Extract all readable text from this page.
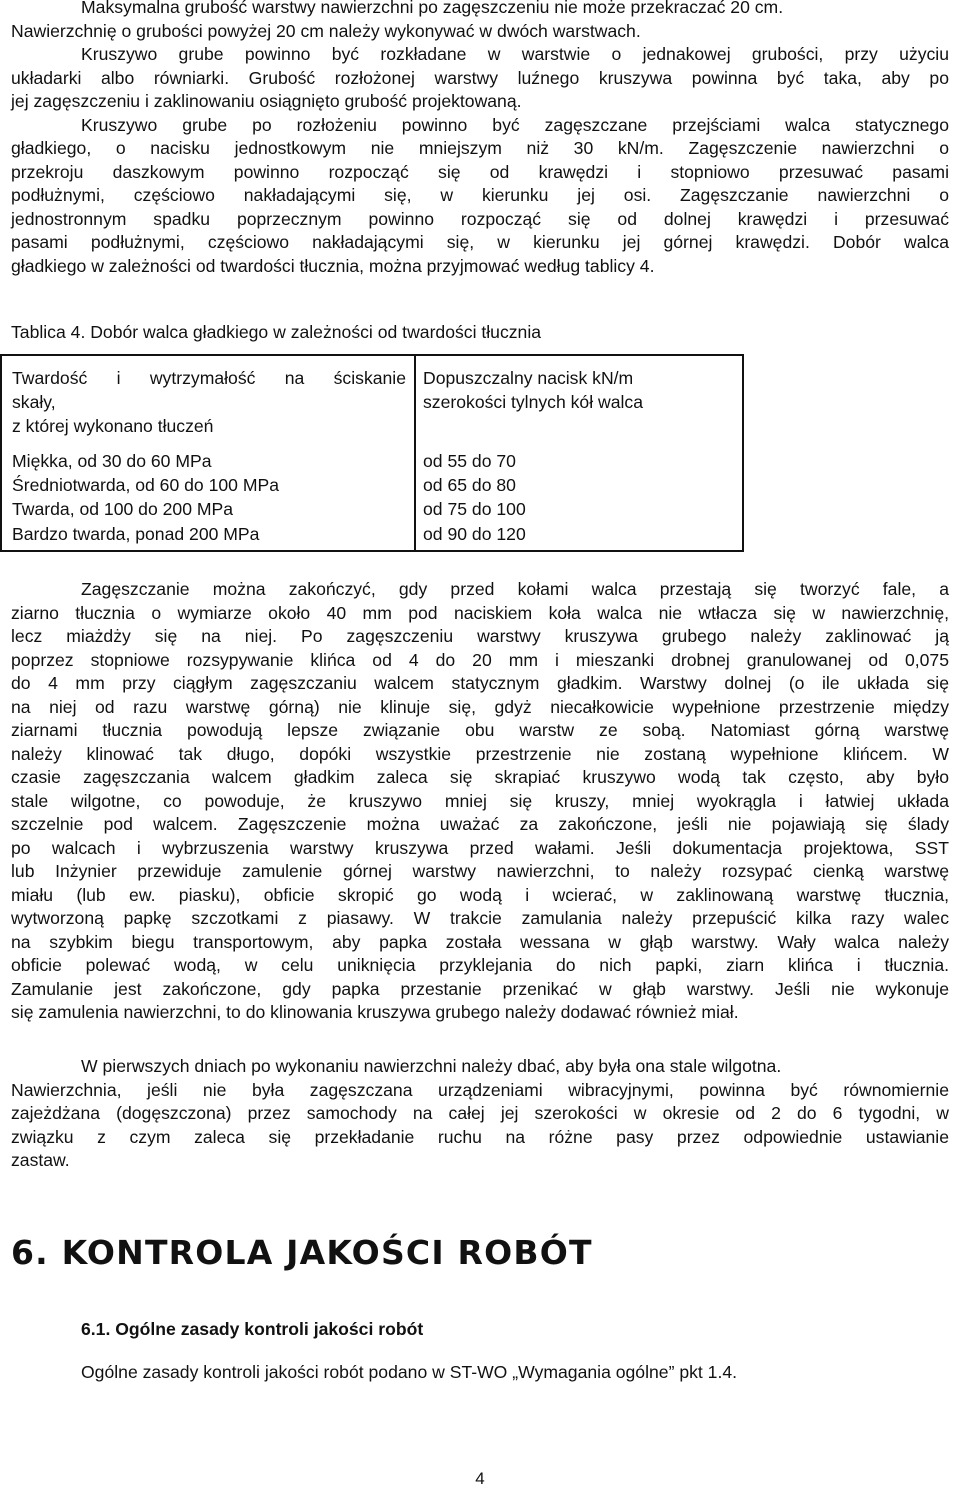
Maksymalna grubość warstwy nawierzchni po zagęszczeniu nie może przekraczać 20 cm.
Nawierzchnię o grubości powyżej 20 cm należy wykonywać w dwóch warstwach.
Kruszywo grube powinno być rozkładane w warstwie o jednakowej grubości, przy użyciu
układarki albo równiarki. Grubość rozłożonej warstwy luźnego kruszywa powinna być taka, aby po
jej zagęszczeniu i zaklinowaniu osiągnięto grubość projektowaną.
Kruszywo grube po rozłożeniu powinno być zagęszczane przejściami walca statycznego
gładkiego, o nacisku jednostkowym nie mniejszym niż 30 kN/m. Zagęszczenie nawierzchni o
przekroju daszkowym powinno rozpocząć się od krawędzi i stopniowo przesuwać pasami
podłużnymi, częściowo nakładającymi się, w kierunku jej osi. Zagęszczanie nawierzchni o
jednostronnym spadku poprzecznym powinno rozpocząć się od dolnej krawędzi i przesuwać
pasami podłużnymi, częściowo nakładającymi się, w kierunku jej górnej krawędzi. Dobór walca
gładkiego w zależności od twardości tłucznia, można przyjmować według tablicy 4.

Tablica 4. Dobór walca gładkiego w zależności od twardości tłucznia

Twardość i wytrzymałość na ściskanie
skały,
z której wykonano tłuczeń
Dopuszczalny nacisk kN/m
szerokości tylnych kół walca
Miękka, od 30 do 60 MPa
Średniotwarda, od 60 do 100 MPa
Twarda, od 100 do 200 MPa
Bardzo twarda, ponad 200 MPa
od 55 do 70
od 65 do 80
od 75 do 100
od 90 do 120
Zagęszczanie można zakończyć, gdy przed kołami walca przestają się tworzyć fale, a
ziarno tłucznia o wymiarze około 40 mm pod naciskiem koła walca nie wtłacza się w nawierzchnię,
lecz miażdży się na niej. Po zagęszczeniu warstwy kruszywa grubego należy zaklinować ją
poprzez stopniowe rozsypywanie klińca od 4 do 20 mm i mieszanki drobnej granulowanej od 0,075
do 4 mm przy ciągłym zagęszczaniu walcem statycznym gładkim. Warstwy dolnej (o ile układa się
na niej od razu warstwę górną) nie klinuje się, gdyż niecałkowicie wypełnione przestrzenie między
ziarnami tłucznia powodują lepsze związanie obu warstw ze sobą. Natomiast górną warstwę
należy klinować tak długo, dopóki wszystkie przestrzenie nie zostaną wypełnione klińcem. W
czasie zagęszczania walcem gładkim zaleca się skrapiać kruszywo wodą tak często, aby było
stale wilgotne, co powoduje, że kruszywo mniej się kruszy, mniej wyokrągla i łatwiej układa
szczelnie pod walcem. Zagęszczenie można uważać za zakończone, jeśli nie pojawiają się ślady
po walcach i wybrzuszenia warstwy kruszywa przed wałami. Jeśli dokumentacja projektowa, SST
lub Inżynier przewiduje zamulenie górnej warstwy nawierzchni, to należy rozsypać cienką warstwę
miału (lub ew. piasku), obficie skropić go wodą i wcierać, w zaklinowaną warstwę tłucznia,
wytworzoną papkę szczotkami z piasawy. W trakcie zamulania należy przepuścić kilka razy walec
na szybkim biegu transportowym, aby papka została wessana w głąb warstwy. Wały walca należy
obficie polewać wodą, w celu uniknięcia przyklejania do nich papki, ziarn klińca i tłucznia.
Zamulanie jest zakończone, gdy papka przestanie przenikać w głąb warstwy. Jeśli nie wykonuje
się zamulenia nawierzchni, to do klinowania kruszywa grubego należy dodawać również miał.
W pierwszych dniach po wykonaniu nawierzchni należy dbać, aby była ona stale wilgotna.
Nawierzchnia, jeśli nie była zagęszczana urządzeniami wibracyjnymi, powinna być równomiernie
zajeżdżana (dogęszczona) przez samochody na całej jej szerokości w okresie od 2 do 6 tygodni, w
związku z czym zaleca się przekładanie ruchu na różne pasy przez odpowiednie ustawianie
zastaw.
6. KONTROLA JAKOŚCI ROBÓT
6.1. Ogólne zasady kontroli jakości robót

Ogólne zasady kontroli jakości robót podano w ST-WO „Wymagania ogólne” pkt 1.4.

4
